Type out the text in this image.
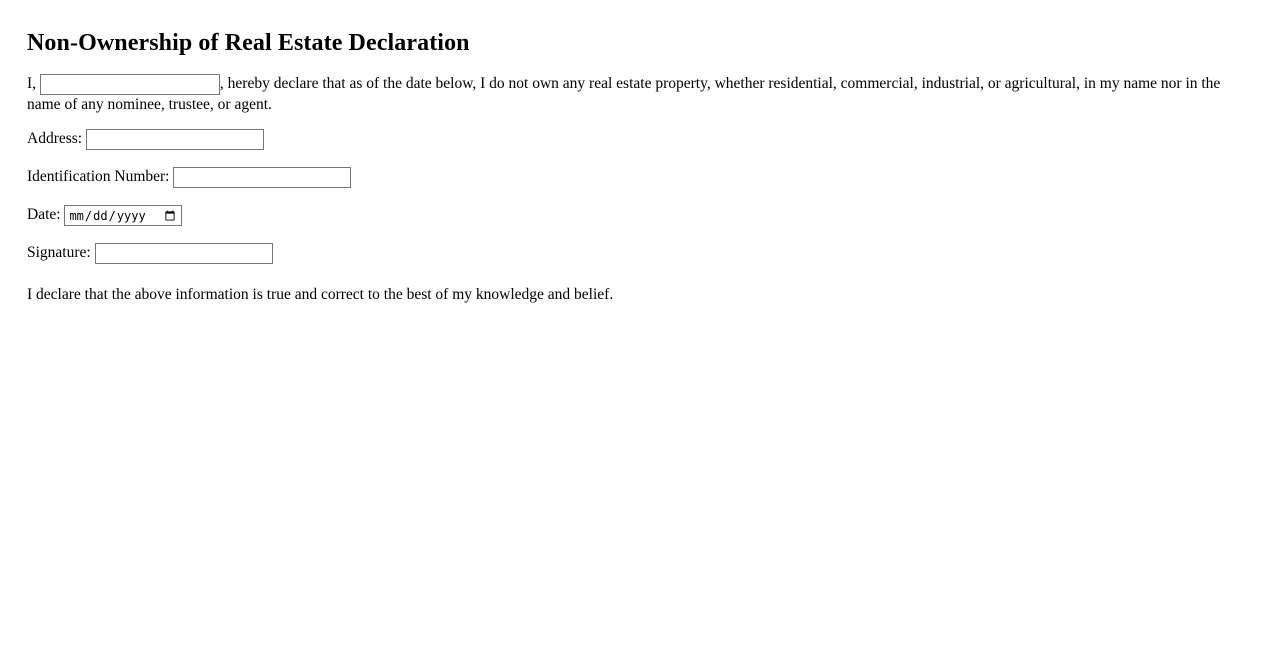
Non-Ownership of Real Estate Declaration

I,	, hereby declare that as of the date below, I do not own any real estate property, whether residential, commercial, industrial, or agricultural, in my name nor in the name of any nominee, trustee, or agent.

Address:
Identification Number:
Date:
Signature:

I declare that the above information is true and correct to the best of my knowledge and belief.
